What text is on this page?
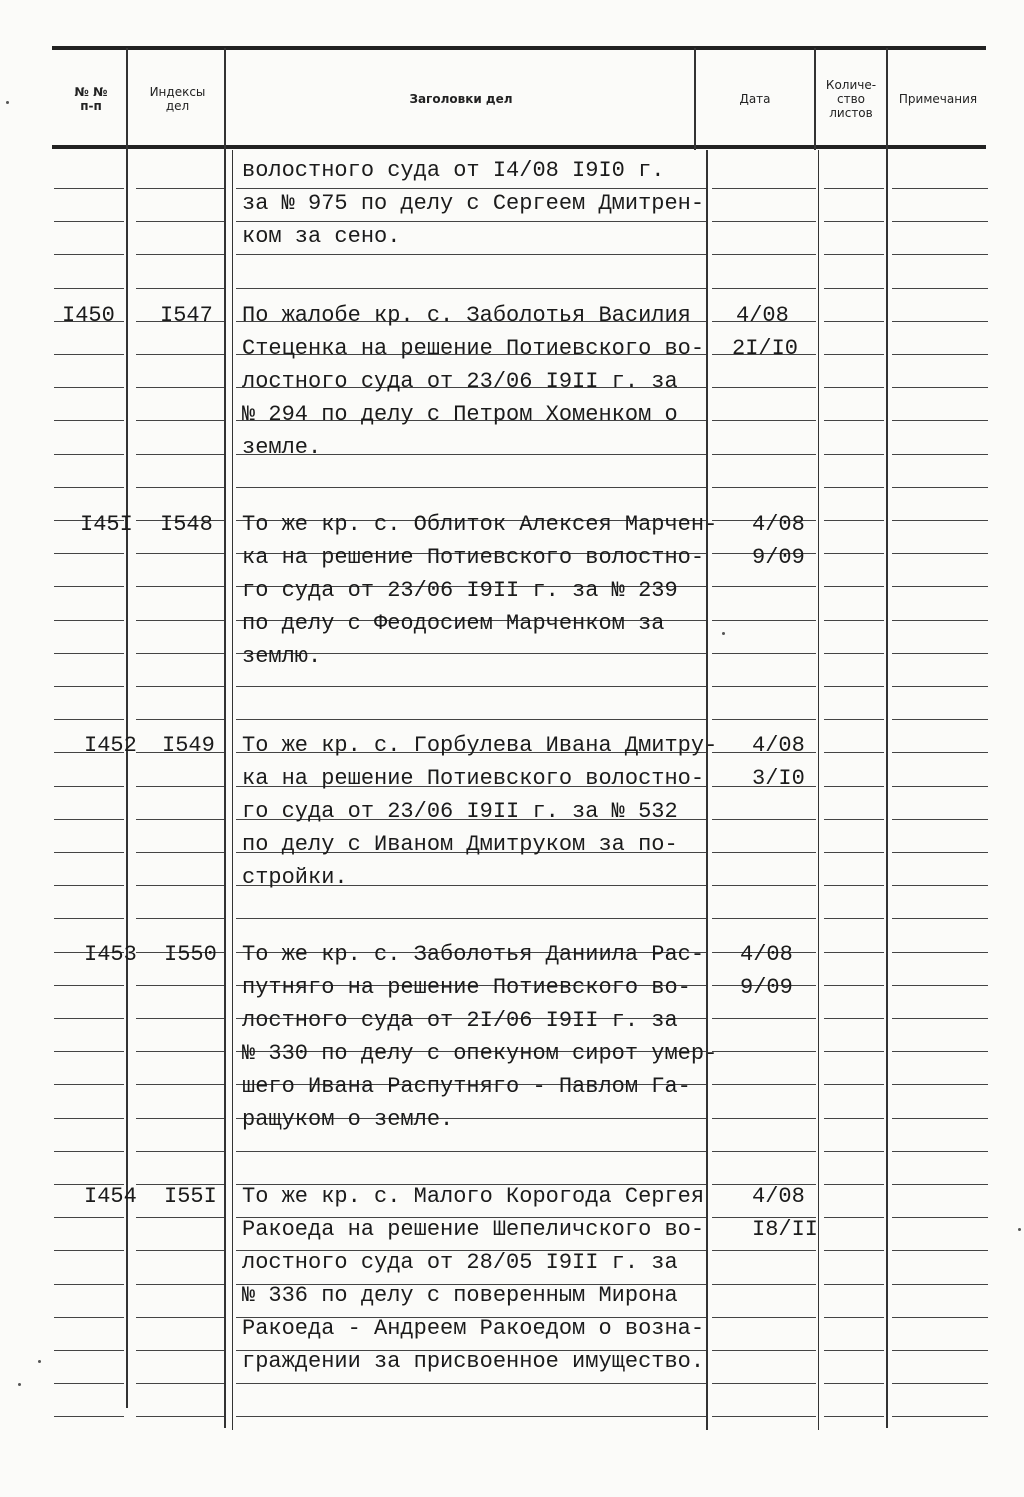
№ №
п-п
Индексы
дел	Заголовки дел	Дата
Количе-
ство
листов
Примечания
волостного суда от I4/08 I9I0 г.
за № 975 по делу с Сергеем Дмитрен-
ком за сено.
I450 I547 По жалобе кр. с. Заболотья Василия
Стеценка на решение Потиевского во-
лостного суда от 23/06 I9II г. за
№ 294 по делу с Петром Хоменком о
земле.
4/08
2I/I0
I45I I548 То же кр. с. Облиток Алексея Марчен-
ка на решение Потиевского волостно-
го суда от 23/06 I9II г. за № 239
по делу с Феодосием Марченком за
землю.
4/08
9/09
I452 I549 То же кр. с. Горбулева Ивана Дмитру-
ка на решение Потиевского волостно-
го суда от 23/06 I9II г. за № 532
по делу с Иваном Дмитруком за по-
стройки.
4/08
3/I0
I453 I550 То же кр. с. Заболотья Даниила Рас-
путняго на решение Потиевского во-
лостного суда от 2I/06 I9II г. за
№ 330 по делу с опекуном сирот умер-
шего Ивана Распутняго - Павлом Га-
ращуком о земле.
4/08
9/09
I454 I55I То же кр. с. Малого Корогода Сергея
Ракоеда на решение Шепеличского во-
лостного суда от 28/05 I9II г. за
№ 336 по делу с поверенным Мирона
Ракоеда - Андреем Ракоедом о возна-
граждении за присвоенное имущество.
4/08
I8/II
